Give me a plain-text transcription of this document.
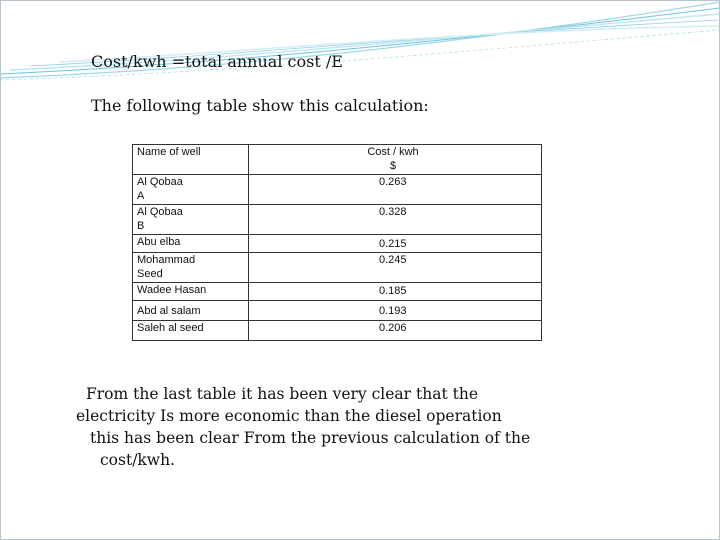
Cost/kwh =total annual cost /E
The following table show this calculation:
Name of well	Cost / kwh
$

Al Qobaa
A	0.263

Al Qobaa
B	0.328

Abu elba	0.215

Mohammad
Seed	0.245

Wadee Hasan	0.185

Abd al salam	0.193

Saleh al seed	0.206
From the last table it has been very clear that the
electricity Is more economic than the diesel operation
this has been clear From the previous calculation of the
cost/kwh.
